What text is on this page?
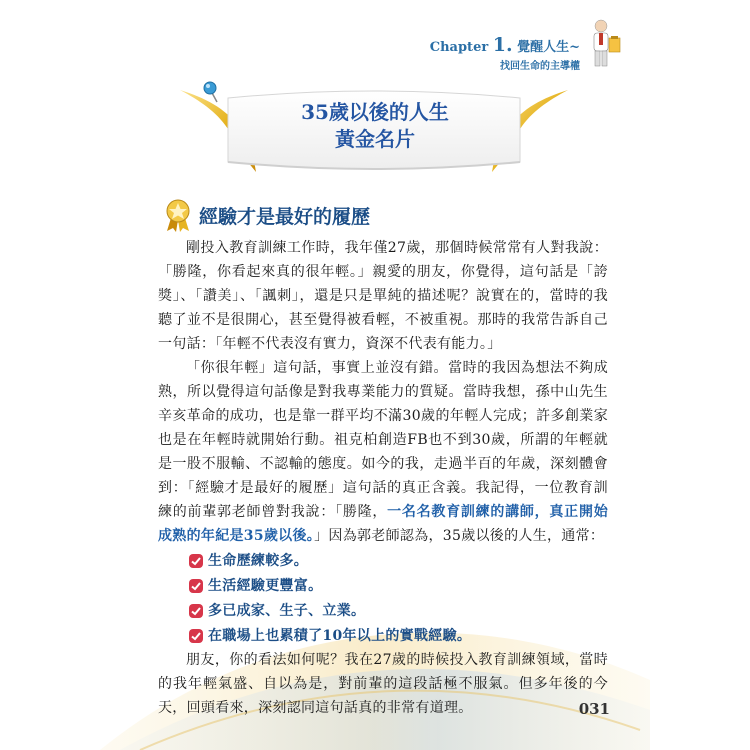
Chapter 1. 覺醒人生~
找回生命的主導權
35歲以後的人生
黃金名片
經驗才是最好的履歷

剛投入教育訓練工作時，我年僅27歲，那個時候常常有人對我說：「勝隆，你看起來真的很年輕。」親愛的朋友，你覺得，這句話是「誇獎」、「讚美」、「諷刺」，還是只是單純的描述呢？說實在的，當時的我聽了並不是很開心，甚至覺得被看輕，不被重視。那時的我常告訴自己一句話：「年輕不代表沒有實力，資深不代表有能力。」

「你很年輕」這句話，事實上並沒有錯。當時的我因為想法不夠成熟，所以覺得這句話像是對我專業能力的質疑。當時我想，孫中山先生辛亥革命的成功，也是靠一群平均不滿30歲的年輕人完成；許多創業家也是在年輕時就開始行動。祖克柏創造FB也不到30歲，所謂的年輕就是一股不服輸、不認輸的態度。如今的我，走過半百的年歲，深刻體會到：「經驗才是最好的履歷」這句話的真正含義。我記得，一位教育訓練的前輩郭老師曾對我說：「勝隆，一名名教育訓練的講師，真正開始成熟的年紀是35歲以後。」因為郭老師認為，35歲以後的人生，通常：

生命歷練較多。
生活經驗更豐富。
多已成家、生子、立業。
在職場上也累積了10年以上的實戰經驗。

朋友，你的看法如何呢？我在27歲的時候投入教育訓練領域，當時的我年輕氣盛、自以為是，對前輩的這段話極不服氣。但多年後的今天，回頭看來，深刻認同這句話真的非常有道理。	031
